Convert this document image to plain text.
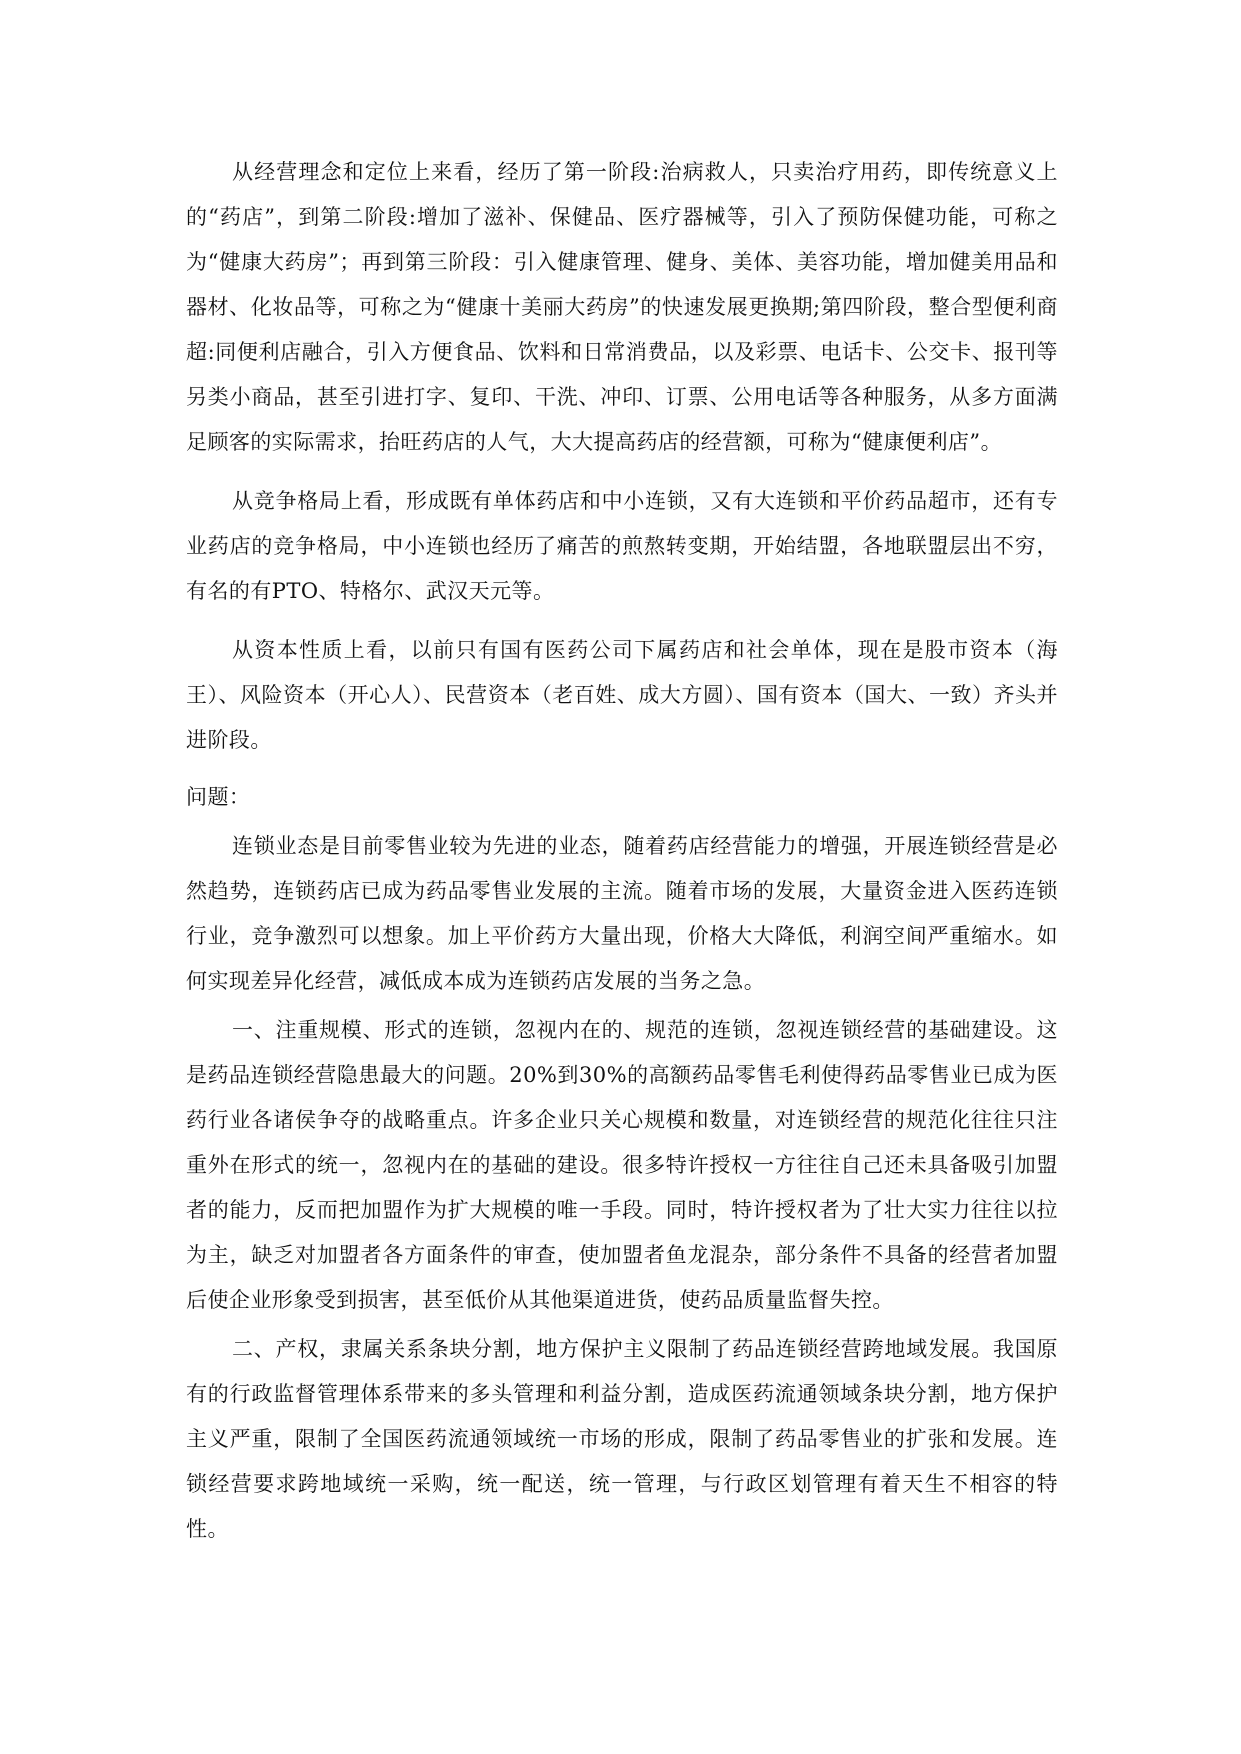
从经营理念和定位上来看，经历了第一阶段:治病救人，只卖治疗用药，即传统意义上的“药店”，到第二阶段:增加了滋补、保健品、医疗器械等，引入了预防保健功能，可称之为“健康大药房”；再到第三阶段：引入健康管理、健身、美体、美容功能，增加健美用品和器材、化妆品等，可称之为“健康十美丽大药房”的快速发展更换期;第四阶段，整合型便利商超:同便利店融合，引入方便食品、饮料和日常消费品，以及彩票、电话卡、公交卡、报刊等另类小商品，甚至引进打字、复印、干洗、冲印、订票、公用电话等各种服务，从多方面满足顾客的实际需求，抬旺药店的人气，大大提高药店的经营额，可称为“健康便利店”。

从竞争格局上看，形成既有单体药店和中小连锁，又有大连锁和平价药品超市，还有专业药店的竞争格局，中小连锁也经历了痛苦的煎熬转变期，开始结盟，各地联盟层出不穷，有名的有PTO、特格尔、武汉天元等。

从资本性质上看，以前只有国有医药公司下属药店和社会单体，现在是股市资本（海王）、风险资本（开心人）、民营资本（老百姓、成大方圆）、国有资本（国大、一致）齐头并进阶段。

问题：

连锁业态是目前零售业较为先进的业态，随着药店经营能力的增强，开展连锁经营是必然趋势，连锁药店已成为药品零售业发展的主流。随着市场的发展，大量资金进入医药连锁行业，竞争激烈可以想象。加上平价药方大量出现，价格大大降低，利润空间严重缩水。如何实现差异化经营，减低成本成为连锁药店发展的当务之急。

一、注重规模、形式的连锁，忽视内在的、规范的连锁，忽视连锁经营的基础建设。这是药品连锁经营隐患最大的问题。20%到30%的高额药品零售毛利使得药品零售业已成为医药行业各诸侯争夺的战略重点。许多企业只关心规模和数量，对连锁经营的规范化往往只注重外在形式的统一，忽视内在的基础的建设。很多特许授权一方往往自己还未具备吸引加盟者的能力，反而把加盟作为扩大规模的唯一手段。同时，特许授权者为了壮大实力往往以拉为主，缺乏对加盟者各方面条件的审查，使加盟者鱼龙混杂，部分条件不具备的经营者加盟后使企业形象受到损害，甚至低价从其他渠道进货，使药品质量监督失控。

二、产权，隶属关系条块分割，地方保护主义限制了药品连锁经营跨地域发展。我国原有的行政监督管理体系带来的多头管理和利益分割，造成医药流通领域条块分割，地方保护主义严重，限制了全国医药流通领域统一市场的形成，限制了药品零售业的扩张和发展。连锁经营要求跨地域统一采购，统一配送，统一管理，与行政区划管理有着天生不相容的特性。
